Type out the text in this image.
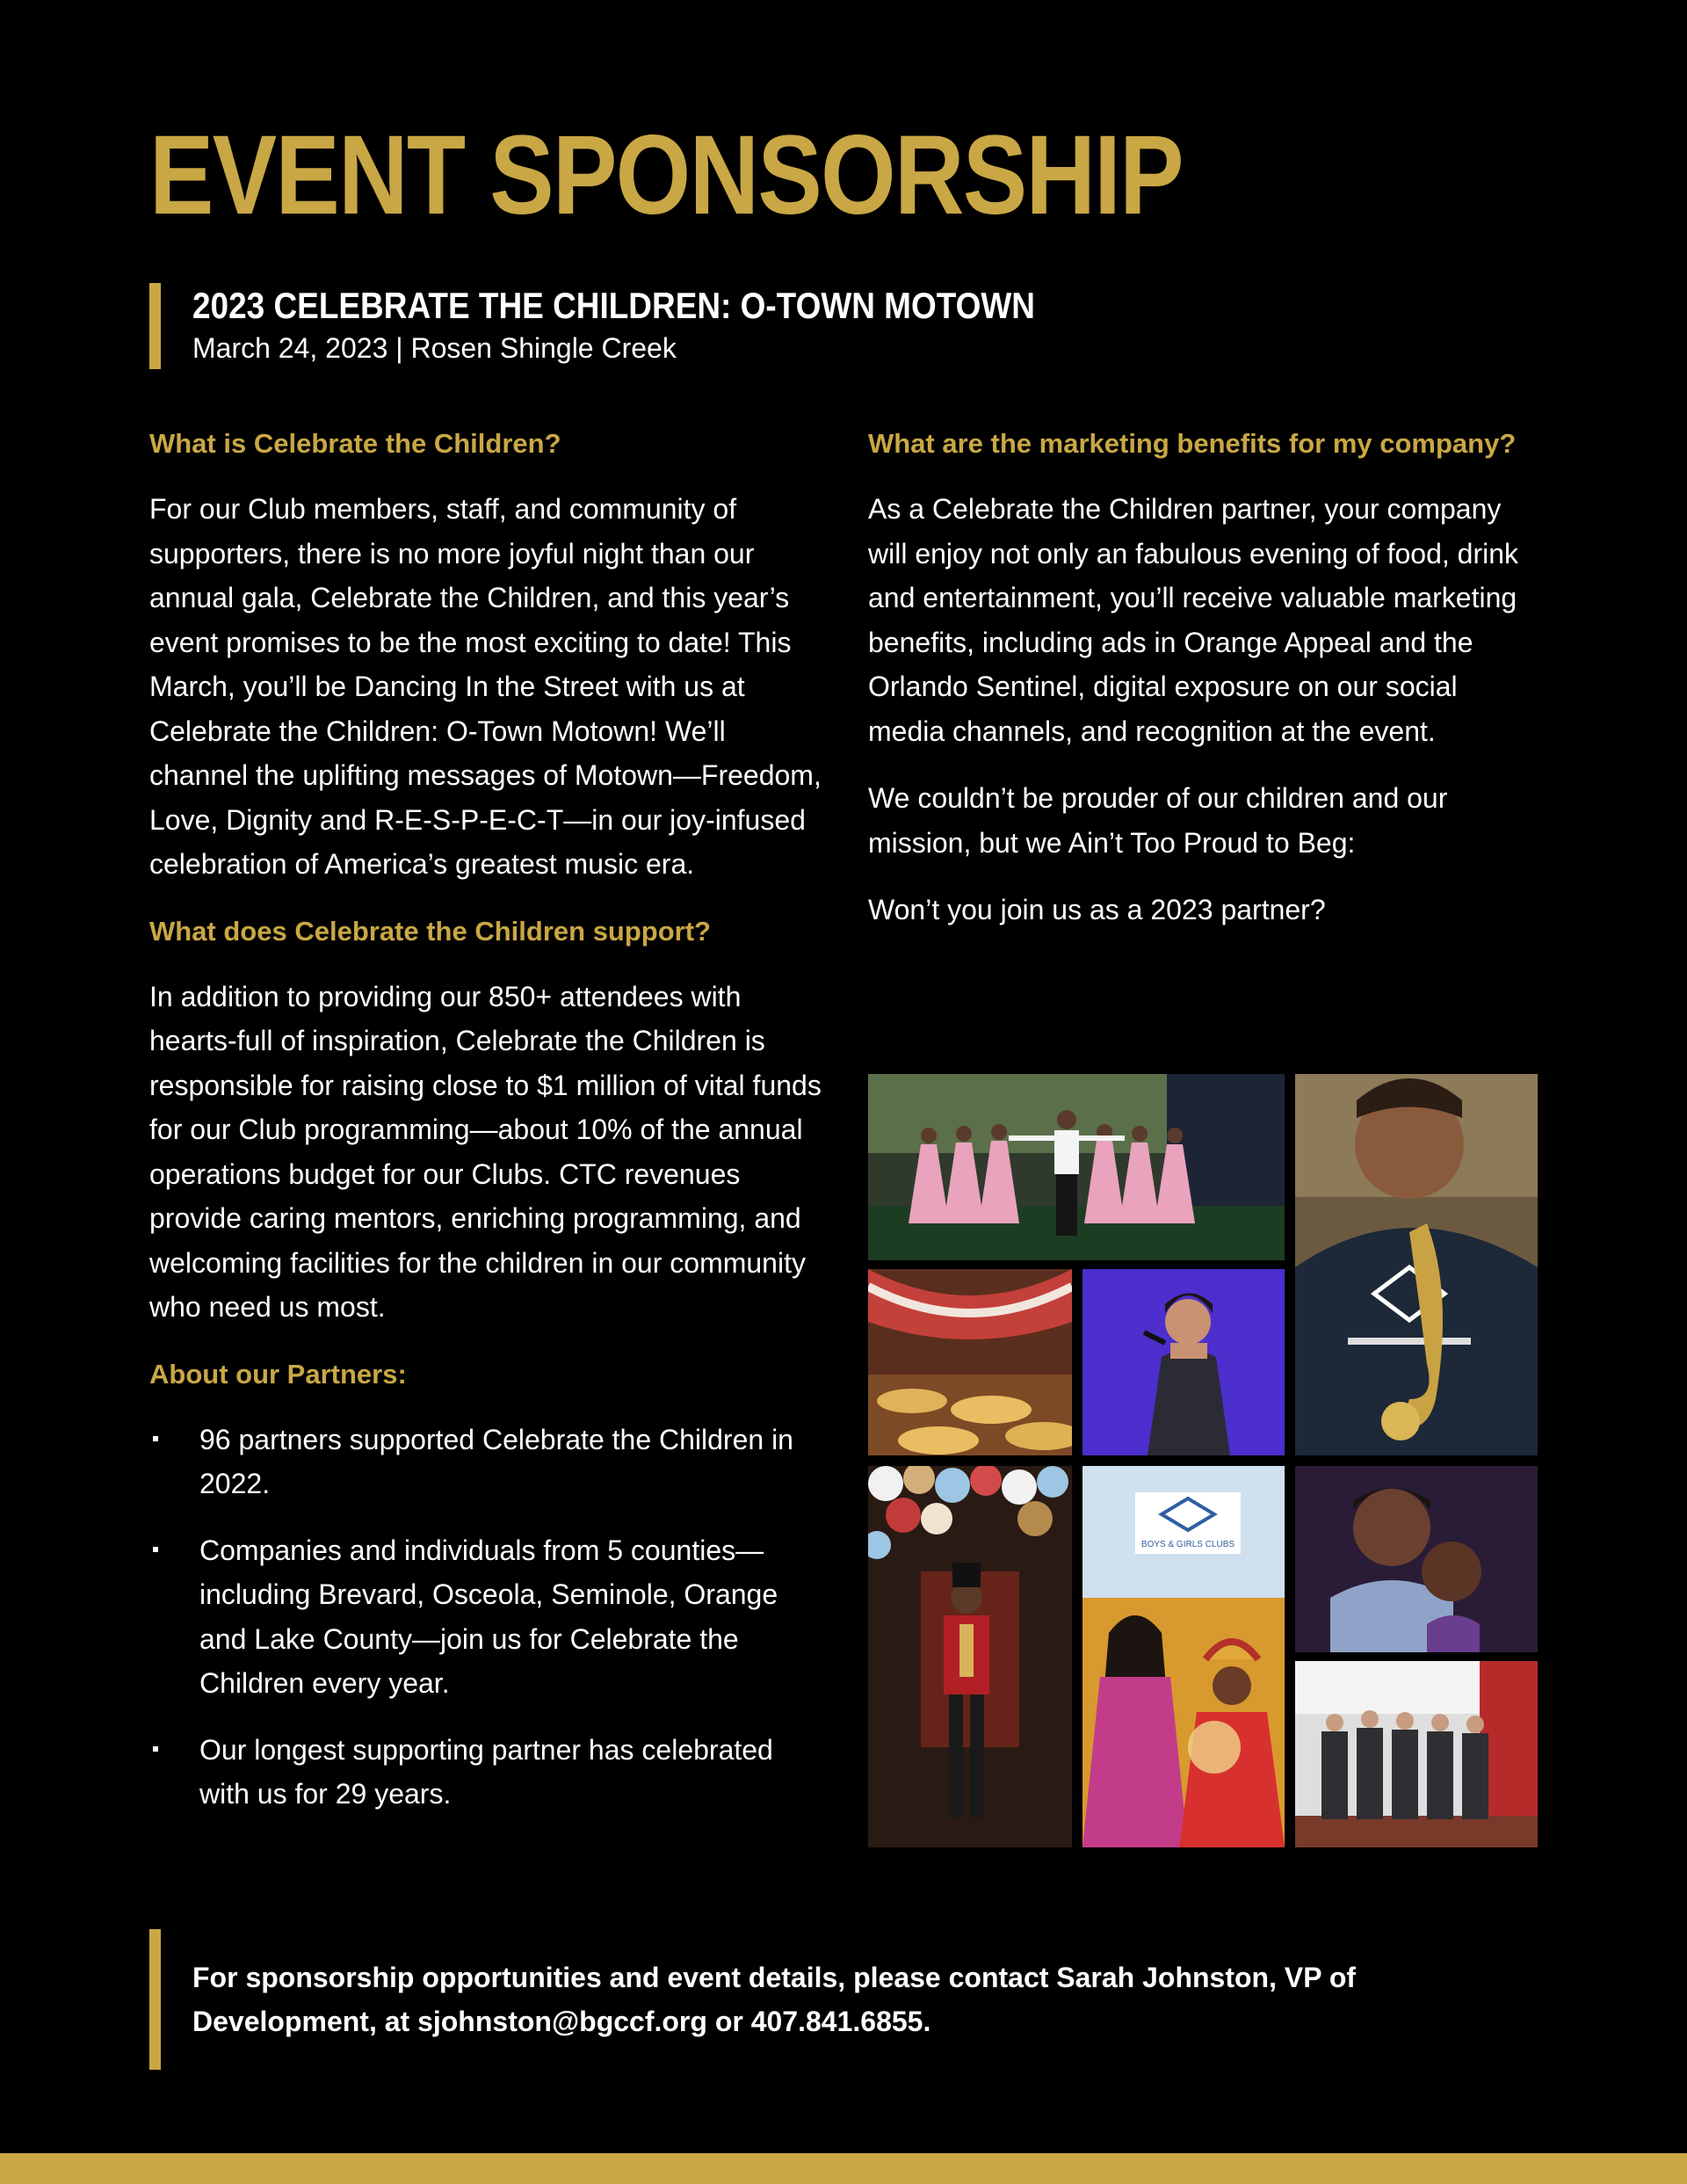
EVENT SPONSORSHIP
2023 CELEBRATE THE CHILDREN: O-TOWN MOTOWN
March 24, 2023 | Rosen Shingle Creek
What is Celebrate the Children?

For our Club members, staff, and community of supporters, there is no more joyful night than our annual gala, Celebrate the Children, and this year’s event promises to be the most exciting to date! This March, you’ll be Dancing In the Street with us at Celebrate the Children: O-Town Motown! We’ll channel the uplifting messages of Motown—Freedom, Love, Dignity and R-E-S-P-E-C-T—in our joy-infused celebration of America’s greatest music era.

What does Celebrate the Children support?

In addition to providing our 850+ attendees with hearts-full of inspiration, Celebrate the Children is responsible for raising close to $1 million of vital funds for our Club programming—about 10% of the annual operations budget for our Clubs. CTC revenues provide caring mentors, enriching programming, and welcoming facilities for the children in our community who need us most.

About our Partners:
96 partners supported Celebrate the Children in 2022.
Companies and individuals from 5 counties—including Brevard, Osceola, Seminole, Orange and Lake County—join us for Celebrate the Children every year.
Our longest supporting partner has celebrated with us for 29 years.
What are the marketing benefits for my company?

As a Celebrate the Children partner, your company will enjoy not only an fabulous evening of food, drink and entertainment, you’ll receive valuable marketing benefits, including ads in Orange Appeal and the Orlando Sentinel, digital exposure on our social media channels, and recognition at the event.

We couldn’t be prouder of our children and our mission, but we Ain’t Too Proud to Beg:

Won’t you join us as a 2023 partner?

BOYS & GIRLS CLUBS
For sponsorship opportunities and event details, please contact Sarah Johnston, VP of Development, at sjohnston@bgccf.org or 407.841.6855.
